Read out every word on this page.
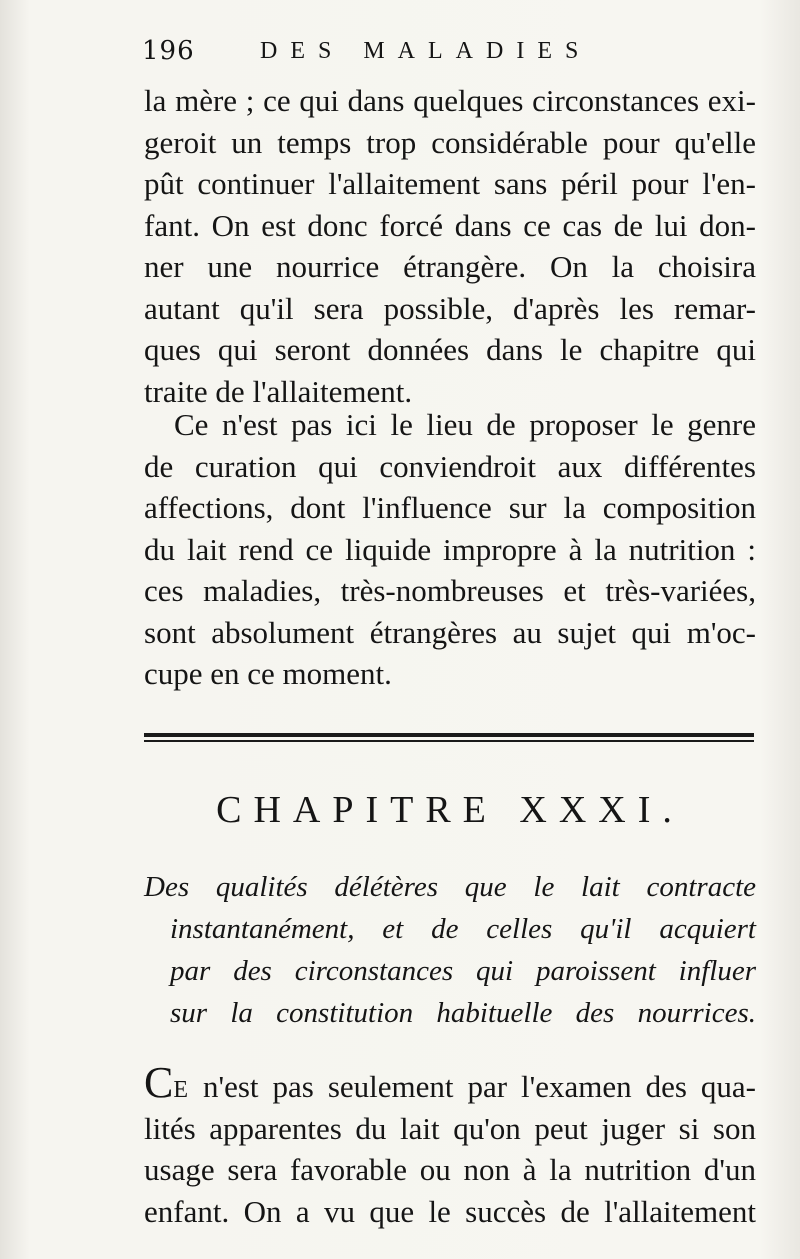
196	DES MALADIES
la mère ; ce qui dans quelques circonstances exi-
geroit un temps trop considérable pour qu'elle
pût continuer l'allaitement sans péril pour l'en-
fant. On est donc forcé dans ce cas de lui don-
ner une nourrice étrangère. On la choisira
autant qu'il sera possible, d'après les remar-
ques qui seront données dans le chapitre qui
traite de l'allaitement.
Ce n'est pas ici le lieu de proposer le genre
de curation qui conviendroit aux différentes
affections, dont l'influence sur la composition
du lait rend ce liquide impropre à la nutrition :
ces maladies, très-nombreuses et très-variées,
sont absolument étrangères au sujet qui m'oc-
cupe en ce moment.
CHAPITRE XXXI.
Des qualités délétères que le lait contracte
instantanément, et de celles qu'il acquiert
par des circonstances qui paroissent influer
sur la constitution habituelle des nourrices.
CE n'est pas seulement par l'examen des qua-
lités apparentes du lait qu'on peut juger si son
usage sera favorable ou non à la nutrition d'un
enfant. On a vu que le succès de l'allaitement
